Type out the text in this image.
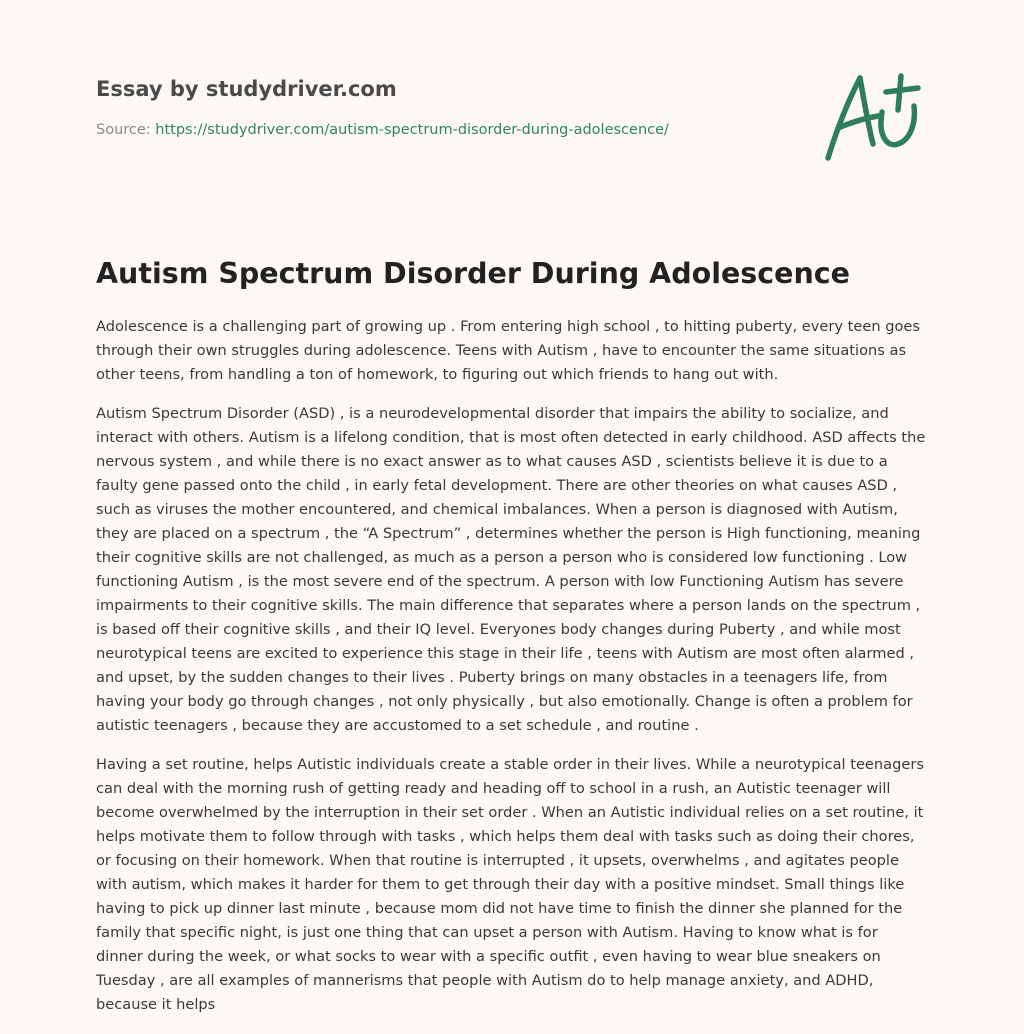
Essay by studydriver.com
Source: https://studydriver.com/autism-spectrum-disorder-during-adolescence/
Autism Spectrum Disorder During Adolescence

Adolescence is a challenging part of growing up . From entering high school , to hitting puberty, every teen goes through their own struggles during adolescence. Teens with Autism , have to encounter the same situations as other teens, from handling a ton of homework, to figuring out which friends to hang out with.

Autism Spectrum Disorder (ASD) , is a neurodevelopmental disorder that impairs the ability to socialize, and interact with others. Autism is a lifelong condition, that is most often detected in early childhood. ASD affects the nervous system , and while there is no exact answer as to what causes ASD , scientists believe it is due to a faulty gene passed onto the child , in early fetal development. There are other theories on what causes ASD , such as viruses the mother encountered, and chemical imbalances. When a person is diagnosed with Autism, they are placed on a spectrum , the “A Spectrum” , determines whether the person is High functioning, meaning their cognitive skills are not challenged, as much as a person a person who is considered low functioning . Low functioning Autism , is the most severe end of the spectrum. A person with low Functioning Autism has severe impairments to their cognitive skills. The main difference that separates where a person lands on the spectrum , is based off their cognitive skills , and their IQ level. Everyones body changes during Puberty , and while most neurotypical teens are excited to experience this stage in their life , teens with Autism are most often alarmed , and upset, by the sudden changes to their lives . Puberty brings on many obstacles in a teenagers life, from having your body go through changes , not only physically , but also emotionally. Change is often a problem for autistic teenagers , because they are accustomed to a set schedule , and routine .

Having a set routine, helps Autistic individuals create a stable order in their lives. While a neurotypical teenagers can deal with the morning rush of getting ready and heading off to school in a rush, an Autistic teenager will become overwhelmed by the interruption in their set order . When an Autistic individual relies on a set routine, it helps motivate them to follow through with tasks , which helps them deal with tasks such as doing their chores, or focusing on their homework. When that routine is interrupted , it upsets, overwhelms , and agitates people with autism, which makes it harder for them to get through their day with a positive mindset. Small things like having to pick up dinner last minute , because mom did not have time to finish the dinner she planned for the family that specific night, is just one thing that can upset a person with Autism. Having to know what is for dinner during the week, or what socks to wear with a specific outfit , even having to wear blue sneakers on Tuesday , are all examples of mannerisms that people with Autism do to help manage anxiety, and ADHD, because it helps
